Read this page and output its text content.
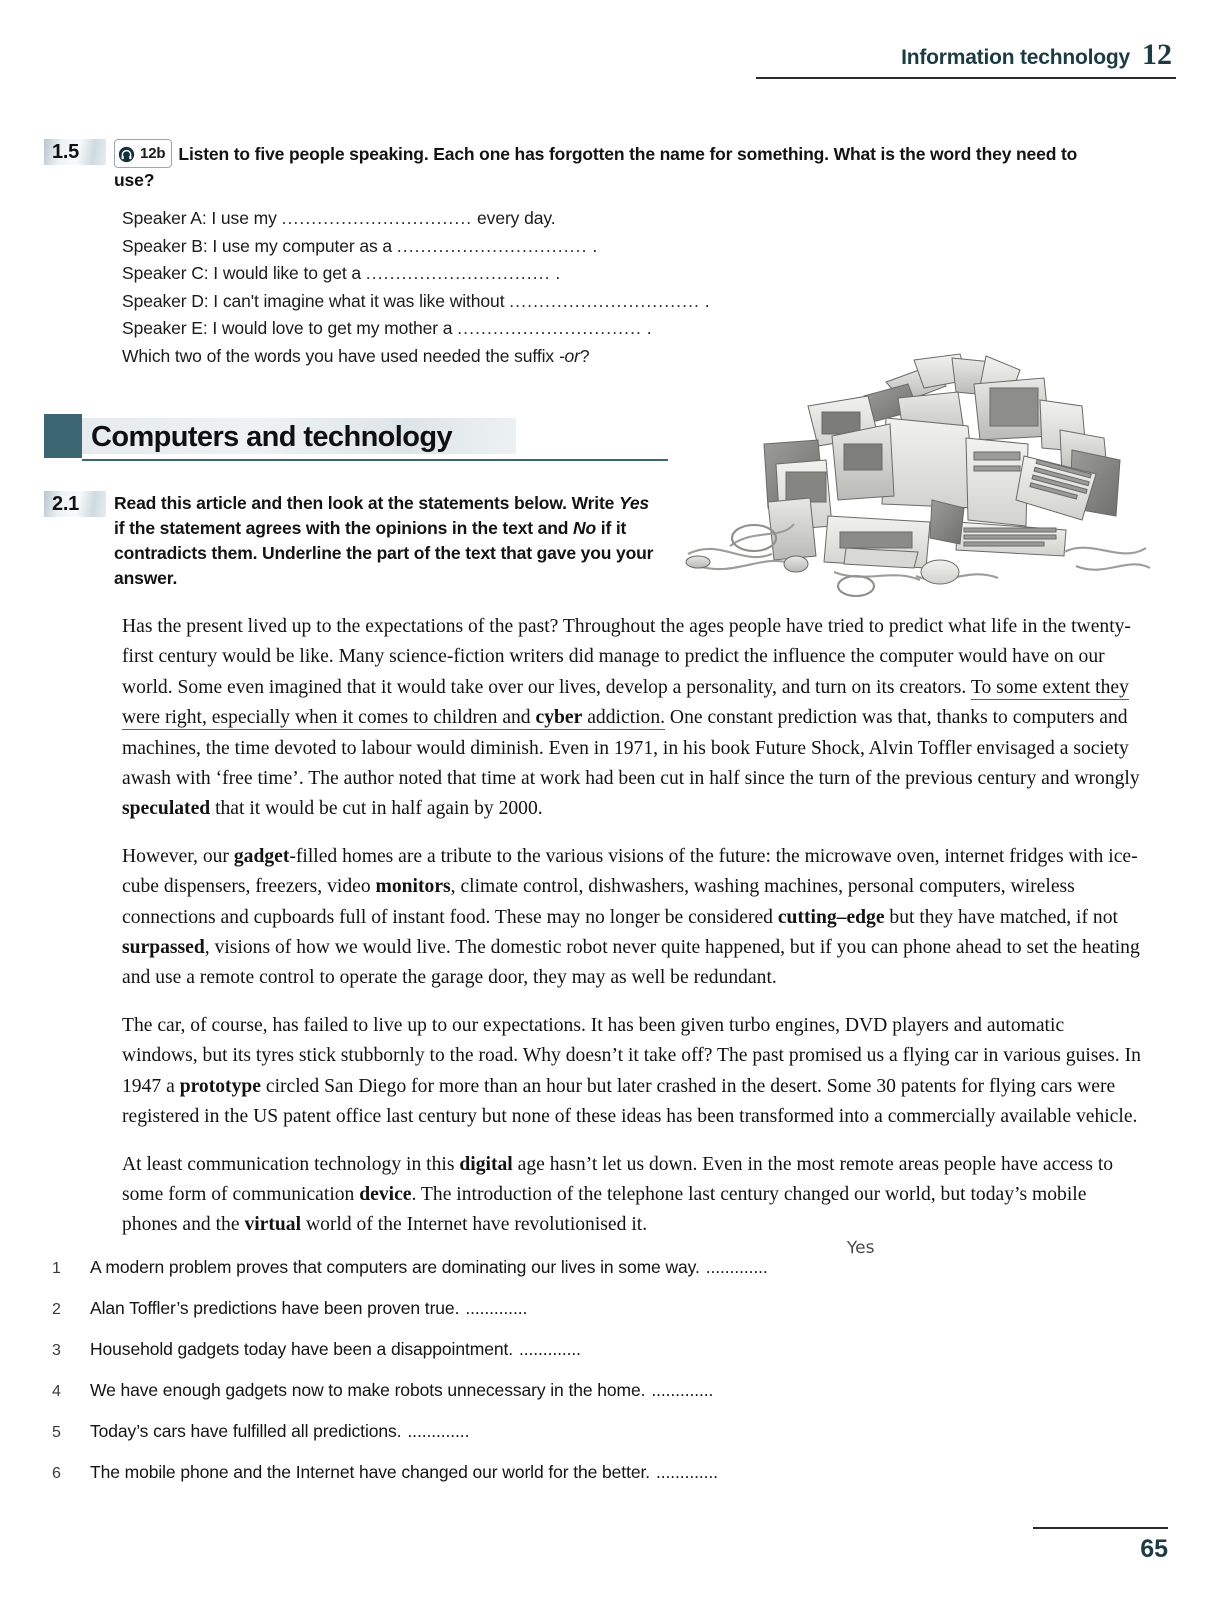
Information technology 12
1.5	12b Listen to five people speaking. Each one has forgotten the name for something. What is the word they need to use?
Speaker A: I use my ................................ every day.
Speaker B: I use my computer as a ................................ .
Speaker C: I would like to get a ............................... .
Speaker D: I can't imagine what it was like without ................................ .
Speaker E: I would love to get my mother a ............................... .
Which two of the words you have used needed the suffix -or?
Computers and technology
2.1	Read this article and then look at the statements below. Write Yes if the statement agrees with the opinions in the text and No if it contradicts them. Underline the part of the text that gave you your answer.

Has the present lived up to the expectations of the past? Throughout the ages people have tried to predict what life in the twenty-first century would be like. Many science-fiction writers did manage to predict the influence the computer would have on our world. Some even imagined that it would take over our lives, develop a personality, and turn on its creators. To some extent they were right, especially when it comes to children and cyber addiction. One constant prediction was that, thanks to computers and machines, the time devoted to labour would diminish. Even in 1971, in his book Future Shock, Alvin Toffler envisaged a society awash with ‘free time’. The author noted that time at work had been cut in half since the turn of the previous century and wrongly speculated that it would be cut in half again by 2000.

However, our gadget-filled homes are a tribute to the various visions of the future: the microwave oven, internet fridges with ice-cube dispensers, freezers, video monitors, climate control, dishwashers, washing machines, personal computers, wireless connections and cupboards full of instant food. These may no longer be considered cutting–edge but they have matched, if not surpassed, visions of how we would live. The domestic robot never quite happened, but if you can phone ahead to set the heating and use a remote control to operate the garage door, they may as well be redundant.

The car, of course, has failed to live up to our expectations. It has been given turbo engines, DVD players and automatic windows, but its tyres stick stubbornly to the road. Why doesn’t it take off? The past promised us a flying car in various guises. In 1947 a prototype circled San Diego for more than an hour but later crashed in the desert. Some 30 patents for flying cars were registered in the US patent office last century but none of these ideas has been transformed into a commercially available vehicle.

At least communication technology in this digital age hasn’t let us down. Even in the most remote areas people have access to some form of communication device. The introduction of the telephone last century changed our world, but today’s mobile phones and the virtual world of the Internet have revolutionised it.

1	A modern problem proves that computers are dominating our lives in some way. .............
Yes
2	Alan Toffler’s predictions have been proven true. .............
3	Household gadgets today have been a disappointment. .............
4	We have enough gadgets now to make robots unnecessary in the home. .............
5	Today’s cars have fulfilled all predictions. .............
6	The mobile phone and the Internet have changed our world for the better. .............
65
